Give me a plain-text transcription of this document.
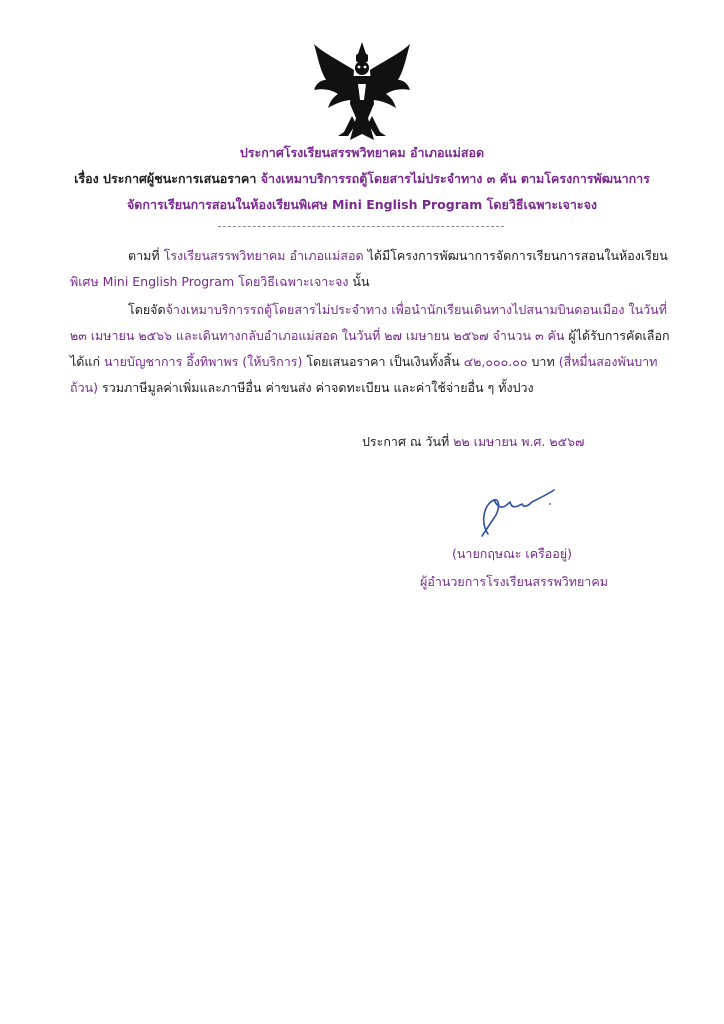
ประกาศโรงเรียนสรรพวิทยาคม อำเภอแม่สอด
เรื่อง ประกาศผู้ชนะการเสนอราคา จ้างเหมาบริการรถตู้โดยสารไม่ประจำทาง ๓ คัน ตามโครงการพัฒนาการ
จัดการเรียนการสอนในห้องเรียนพิเศษ Mini English Program โดยวิธีเฉพาะเจาะจง
ตามที่ โรงเรียนสรรพวิทยาคม อำเภอแม่สอด ได้มีโครงการพัฒนาการจัดการเรียนการสอนในห้องเรียน
พิเศษ Mini English Program โดยวิธีเฉพาะเจาะจง นั้น
โดยจัดจ้างเหมาบริการรถตู้โดยสารไม่ประจำทาง เพื่อนำนักเรียนเดินทางไปสนามบินดอนเมือง ในวันที่
๒๓ เมษายน ๒๕๖๖ และเดินทางกลับอำเภอแม่สอด ในวันที่ ๒๗ เมษายน ๒๕๖๗ จำนวน ๓ คัน ผู้ได้รับการคัดเลือก
ได้แก่ นายบัญชาการ อึ้งทิพาพร (ให้บริการ) โดยเสนอราคา เป็นเงินทั้งสิ้น ๔๒,๐๐๐.๐๐ บาท (สี่หมื่นสองพันบาท
ถ้วน) รวมภาษีมูลค่าเพิ่มและภาษีอื่น ค่าขนส่ง ค่าจดทะเบียน และค่าใช้จ่ายอื่น ๆ ทั้งปวง
ประกาศ ณ วันที่ ๒๒ เมษายน พ.ศ. ๒๕๖๗
(นายกฤษณะ เครืออยู่)
ผู้อำนวยการโรงเรียนสรรพวิทยาคม
